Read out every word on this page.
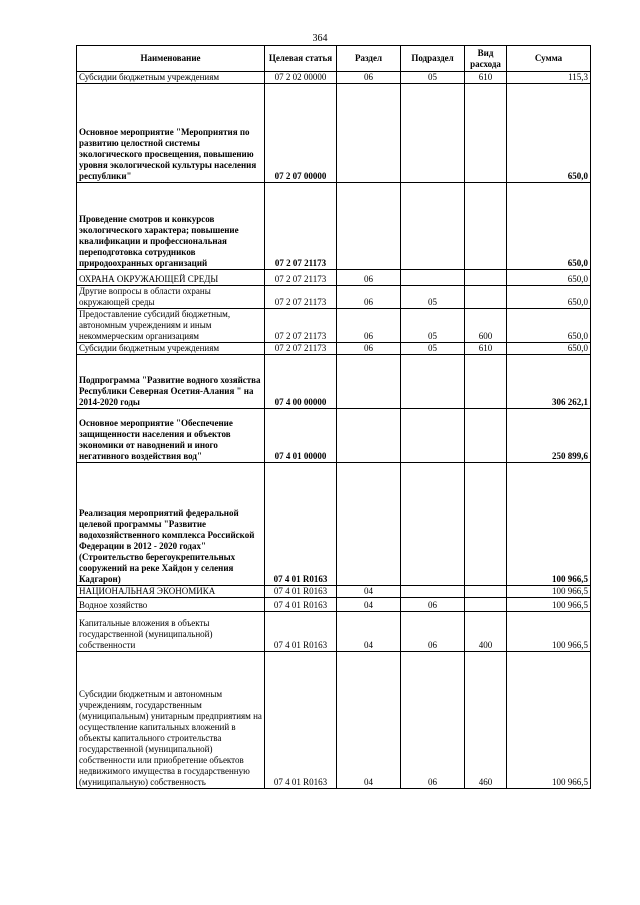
364
Наименование	Целевая статья	Раздел	Подраздел	Вид расхода	Сумма
Субсидии бюджетным учреждениям	07 2 02 00000	06	05	610	115,3
Основное мероприятие "Мероприятия по развитию целостной системы экологического просвещения, повышению уровня экологической культуры населения республики"	07 2 07 00000				650,0
Проведение смотров и конкурсов экологического характера; повышение квалификации и профессиональная переподготовка сотрудников природоохранных организаций	07 2 07 21173				650,0
ОХРАНА ОКРУЖАЮЩЕЙ СРЕДЫ	07 2 07 21173	06			650,0
Другие вопросы в области охраны окружающей среды	07 2 07 21173	06	05		650,0
Предоставление субсидий бюджетным, автономным учреждениям и иным некоммерческим организациям	07 2 07 21173	06	05	600	650,0
Субсидии бюджетным учреждениям	07 2 07 21173	06	05	610	650,0
Подпрограмма "Развитие водного хозяйства Республики Северная Осетия-Алания " на 2014-2020 годы	07 4 00 00000				306 262,1
Основное мероприятие "Обеспечение защищенности населения и объектов экономики от наводнений и иного негативного воздействия вод"	07 4 01 00000				250 899,6
Реализация мероприятий федеральной целевой программы "Развитие водохозяйственного комплекса Российской Федерации в 2012 - 2020 годах" (Строительство берегоукрепительных сооружений на реке Хайдон у селения Кадгарон)	07 4 01 R0163				100 966,5
НАЦИОНАЛЬНАЯ ЭКОНОМИКА	07 4 01 R0163	04			100 966,5
Водное хозяйство	07 4 01 R0163	04	06		100 966,5
Капитальные вложения в объекты государственной (муниципальной) собственности	07 4 01 R0163	04	06	400	100 966,5
Субсидии бюджетным и автономным учреждениям, государственным (муниципальным) унитарным предприятиям на осуществление капитальных вложений в объекты капитального строительства государственной (муниципальной) собственности или приобретение объектов недвижимого имущества в государственную (муниципальную) собственность	07 4 01 R0163	04	06	460	100 966,5
